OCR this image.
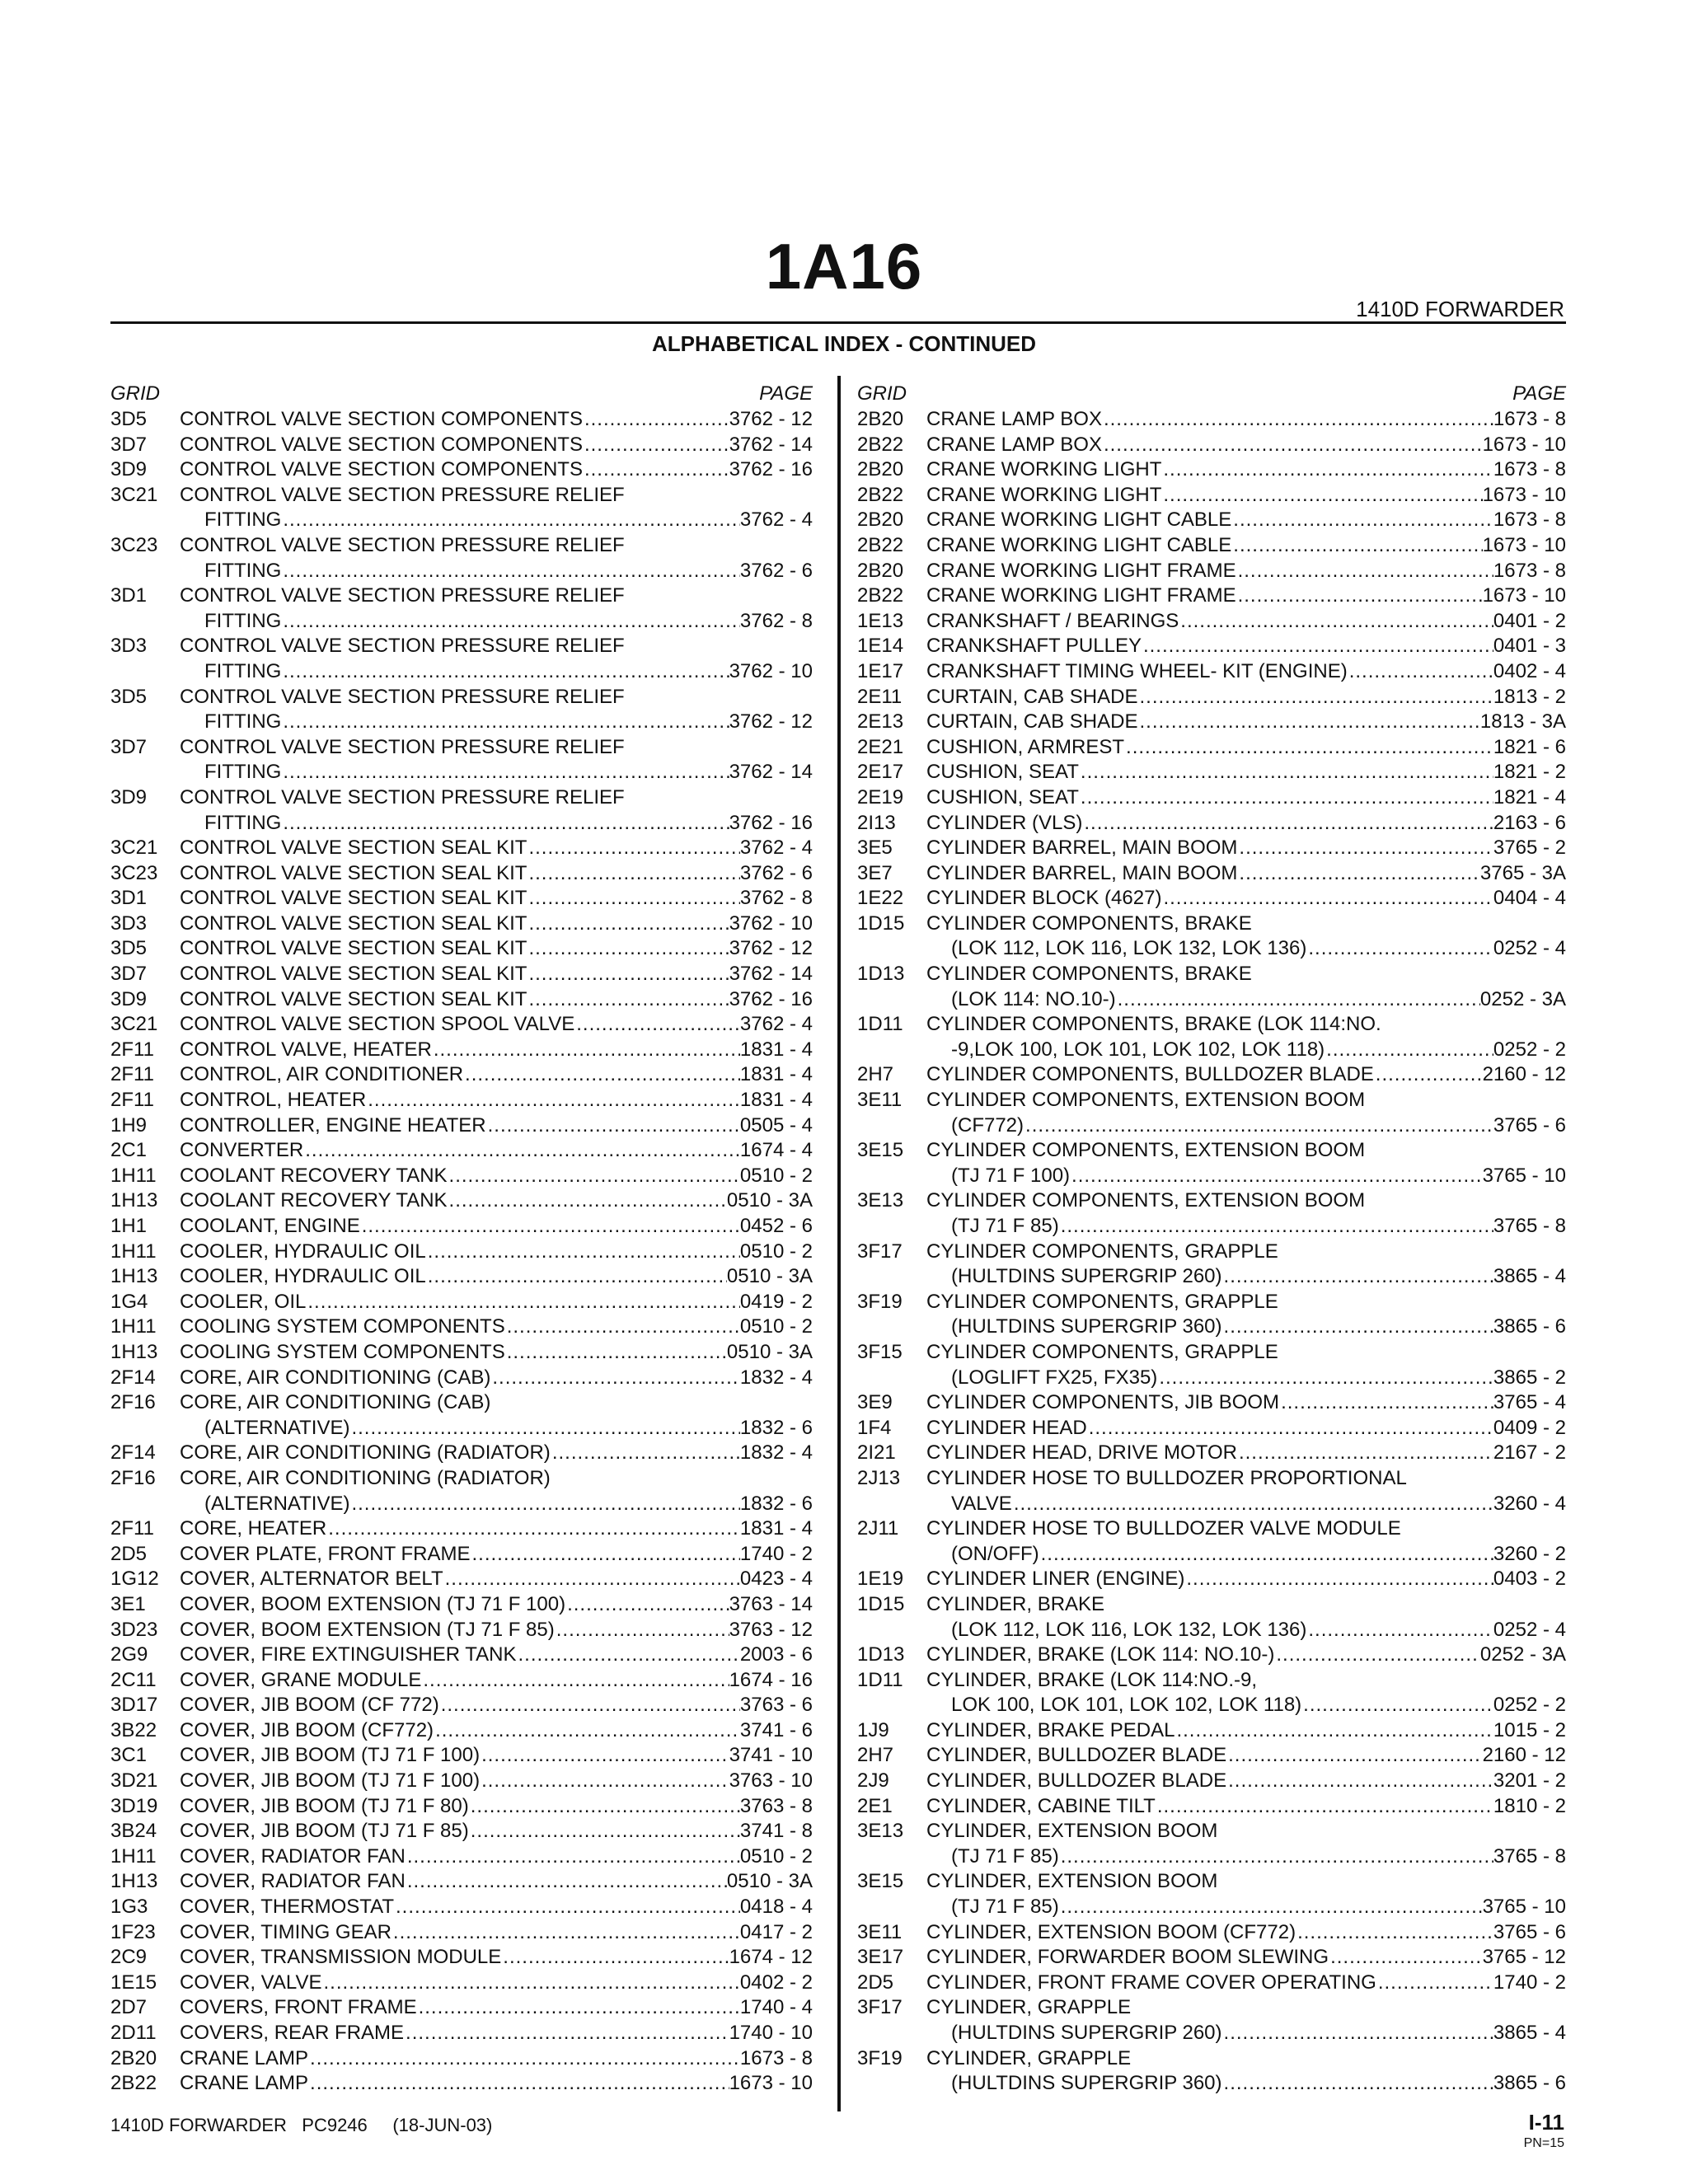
1A16
1410D FORWARDER
ALPHABETICAL INDEX - CONTINUED
GRID	PAGE
3D5	CONTROL VALVE SECTION COMPONENTS .....	3762 - 12
3D7	CONTROL VALVE SECTION COMPONENTS .....	3762 - 14
3D9	CONTROL VALVE SECTION COMPONENTS .....	3762 - 16
3C21	CONTROL VALVE SECTION PRESSURE RELIEF
FITTING .....	3762 - 4
3C23	CONTROL VALVE SECTION PRESSURE RELIEF
FITTING .....	3762 - 6
3D1	CONTROL VALVE SECTION PRESSURE RELIEF
FITTING .....	3762 - 8
3D3	CONTROL VALVE SECTION PRESSURE RELIEF
FITTING .....	3762 - 10
3D5	CONTROL VALVE SECTION PRESSURE RELIEF
FITTING .....	3762 - 12
3D7	CONTROL VALVE SECTION PRESSURE RELIEF
FITTING .....	3762 - 14
3D9	CONTROL VALVE SECTION PRESSURE RELIEF
FITTING .....	3762 - 16
3C21	CONTROL VALVE SECTION SEAL KIT .....	3762 - 4
3C23	CONTROL VALVE SECTION SEAL KIT .....	3762 - 6
3D1	CONTROL VALVE SECTION SEAL KIT .....	3762 - 8
3D3	CONTROL VALVE SECTION SEAL KIT .....	3762 - 10
3D5	CONTROL VALVE SECTION SEAL KIT .....	3762 - 12
3D7	CONTROL VALVE SECTION SEAL KIT .....	3762 - 14
3D9	CONTROL VALVE SECTION SEAL KIT .....	3762 - 16
3C21	CONTROL VALVE SECTION SPOOL VALVE .....	3762 - 4
2F11	CONTROL VALVE, HEATER .....	1831 - 4
2F11	CONTROL, AIR CONDITIONER .....	1831 - 4
2F11	CONTROL, HEATER .....	1831 - 4
1H9	CONTROLLER, ENGINE HEATER .....	0505 - 4
2C1	CONVERTER .....	1674 - 4
1H11	COOLANT RECOVERY TANK .....	0510 - 2
1H13	COOLANT RECOVERY TANK .....	0510 - 3A
1H1	COOLANT, ENGINE .....	0452 - 6
1H11	COOLER, HYDRAULIC OIL .....	0510 - 2
1H13	COOLER, HYDRAULIC OIL .....	0510 - 3A
1G4	COOLER, OIL .....	0419 - 2
1H11	COOLING SYSTEM COMPONENTS .....	0510 - 2
1H13	COOLING SYSTEM COMPONENTS .....	0510 - 3A
2F14	CORE, AIR CONDITIONING (CAB) .....	1832 - 4
2F16	CORE, AIR CONDITIONING (CAB)
(ALTERNATIVE) .....	1832 - 6
2F14	CORE, AIR CONDITIONING (RADIATOR) .....	1832 - 4
2F16	CORE, AIR CONDITIONING (RADIATOR)
(ALTERNATIVE) .....	1832 - 6
2F11	CORE, HEATER .....	1831 - 4
2D5	COVER PLATE, FRONT FRAME .....	1740 - 2
1G12	COVER, ALTERNATOR BELT .....	0423 - 4
3E1	COVER, BOOM EXTENSION (TJ 71 F 100) .....	3763 - 14
3D23	COVER, BOOM EXTENSION (TJ 71 F 85) .....	3763 - 12
2G9	COVER, FIRE EXTINGUISHER TANK .....	2003 - 6
2C11	COVER, GRANE MODULE .....	1674 - 16
3D17	COVER, JIB BOOM (CF 772) .....	3763 - 6
3B22	COVER, JIB BOOM (CF772) .....	3741 - 6
3C1	COVER, JIB BOOM (TJ 71 F 100) .....	3741 - 10
3D21	COVER, JIB BOOM (TJ 71 F 100) .....	3763 - 10
3D19	COVER, JIB BOOM (TJ 71 F 80) .....	3763 - 8
3B24	COVER, JIB BOOM (TJ 71 F 85) .....	3741 - 8
1H11	COVER, RADIATOR FAN .....	0510 - 2
1H13	COVER, RADIATOR FAN .....	0510 - 3A
1G3	COVER, THERMOSTAT .....	0418 - 4
1F23	COVER, TIMING GEAR .....	0417 - 2
2C9	COVER, TRANSMISSION MODULE .....	1674 - 12
1E15	COVER, VALVE .....	0402 - 2
2D7	COVERS, FRONT FRAME .....	1740 - 4
2D11	COVERS, REAR FRAME .....	1740 - 10
2B20	CRANE LAMP .....	1673 - 8
2B22	CRANE LAMP .....	1673 - 10
GRID	PAGE
2B20	CRANE LAMP BOX .....	1673 - 8
2B22	CRANE LAMP BOX .....	1673 - 10
2B20	CRANE WORKING LIGHT .....	1673 - 8
2B22	CRANE WORKING LIGHT .....	1673 - 10
2B20	CRANE WORKING LIGHT CABLE .....	1673 - 8
2B22	CRANE WORKING LIGHT CABLE .....	1673 - 10
2B20	CRANE WORKING LIGHT FRAME .....	1673 - 8
2B22	CRANE WORKING LIGHT FRAME .....	1673 - 10
1E13	CRANKSHAFT / BEARINGS .....	0401 - 2
1E14	CRANKSHAFT PULLEY .....	0401 - 3
1E17	CRANKSHAFT TIMING WHEEL- KIT (ENGINE) .....	0402 - 4
2E11	CURTAIN, CAB SHADE .....	1813 - 2
2E13	CURTAIN, CAB SHADE .....	1813 - 3A
2E21	CUSHION, ARMREST .....	1821 - 6
2E17	CUSHION, SEAT .....	1821 - 2
2E19	CUSHION, SEAT .....	1821 - 4
2I13	CYLINDER (VLS) .....	2163 - 6
3E5	CYLINDER BARREL, MAIN BOOM .....	3765 - 2
3E7	CYLINDER BARREL, MAIN BOOM .....	3765 - 3A
1E22	CYLINDER BLOCK (4627) .....	0404 - 4
1D15	CYLINDER COMPONENTS, BRAKE
(LOK 112, LOK 116, LOK 132, LOK 136) .....	0252 - 4
1D13	CYLINDER COMPONENTS, BRAKE
(LOK 114: NO.10-) .....	0252 - 3A
1D11	CYLINDER COMPONENTS, BRAKE (LOK 114:NO.
-9,LOK 100, LOK 101, LOK 102, LOK 118) .....	0252 - 2
2H7	CYLINDER COMPONENTS, BULLDOZER BLADE .....	2160 - 12
3E11	CYLINDER COMPONENTS, EXTENSION BOOM
(CF772) .....	3765 - 6
3E15	CYLINDER COMPONENTS, EXTENSION BOOM
(TJ 71 F 100) .....	3765 - 10
3E13	CYLINDER COMPONENTS, EXTENSION BOOM
(TJ 71 F 85) .....	3765 - 8
3F17	CYLINDER COMPONENTS, GRAPPLE
(HULTDINS SUPERGRIP 260) .....	3865 - 4
3F19	CYLINDER COMPONENTS, GRAPPLE
(HULTDINS SUPERGRIP 360) .....	3865 - 6
3F15	CYLINDER COMPONENTS, GRAPPLE
(LOGLIFT FX25, FX35) .....	3865 - 2
3E9	CYLINDER COMPONENTS, JIB BOOM .....	3765 - 4
1F4	CYLINDER HEAD .....	0409 - 2
2I21	CYLINDER HEAD, DRIVE MOTOR .....	2167 - 2
2J13	CYLINDER HOSE TO BULLDOZER PROPORTIONAL
VALVE .....	3260 - 4
2J11	CYLINDER HOSE TO BULLDOZER VALVE MODULE
(ON/OFF) .....	3260 - 2
1E19	CYLINDER LINER (ENGINE) .....	0403 - 2
1D15	CYLINDER, BRAKE
(LOK 112, LOK 116, LOK 132, LOK 136) .....	0252 - 4
1D13	CYLINDER, BRAKE (LOK 114: NO.10-) .....	0252 - 3A
1D11	CYLINDER, BRAKE (LOK 114:NO.-9,
LOK 100, LOK 101, LOK 102, LOK 118) .....	0252 - 2
1J9	CYLINDER, BRAKE PEDAL .....	1015 - 2
2H7	CYLINDER, BULLDOZER BLADE .....	2160 - 12
2J9	CYLINDER, BULLDOZER BLADE .....	3201 - 2
2E1	CYLINDER, CABINE TILT .....	1810 - 2
3E13	CYLINDER, EXTENSION BOOM
(TJ 71 F 85) .....	3765 - 8
3E15	CYLINDER, EXTENSION BOOM
(TJ 71 F 85) .....	3765 - 10
3E11	CYLINDER, EXTENSION BOOM (CF772) .....	3765 - 6
3E17	CYLINDER, FORWARDER BOOM SLEWING .....	3765 - 12
2D5	CYLINDER, FRONT FRAME COVER OPERATING .....	1740 - 2
3F17	CYLINDER, GRAPPLE
(HULTDINS SUPERGRIP 260) .....	3865 - 4
3F19	CYLINDER, GRAPPLE
(HULTDINS SUPERGRIP 360) .....	3865 - 6
1410D FORWARDER   PC9246     (18-JUN-03)	I-11
PN=15
